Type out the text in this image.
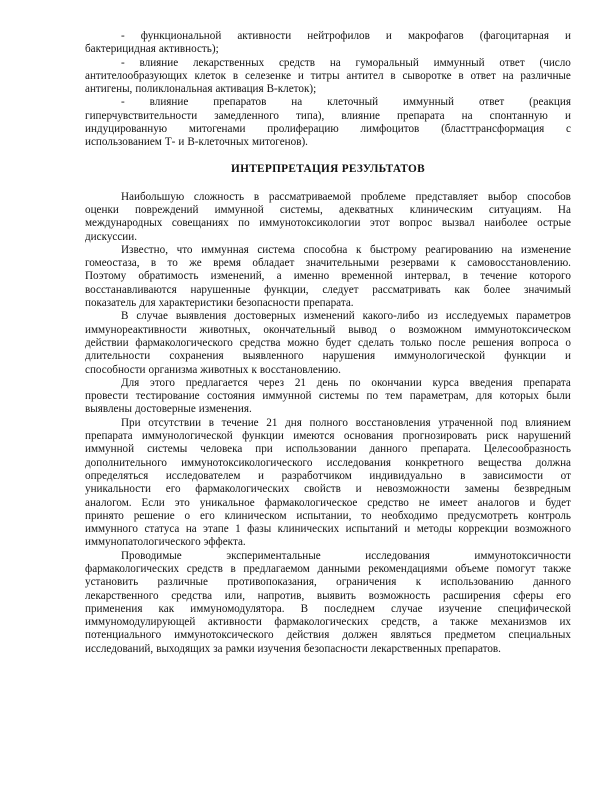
- функциональной активности нейтрофилов и макрофагов (фагоцитарная и
бактерицидная активность);
- влияние лекарственных средств на гуморальный иммунный ответ (число
антителообразующих клеток в селезенке и титры антител в сыворотке в ответ на различные
антигены, поликлональная активация В-клеток);
- влияние препаратов на клеточный иммунный ответ (реакция
гиперчувствительности замедленного типа), влияние препарата на спонтанную и
индуцированную митогенами пролиферацию лимфоцитов (бласттрансформация с
использованием Т- и В-клеточных митогенов).
ИНТЕРПРЕТАЦИЯ РЕЗУЛЬТАТОВ
Наибольшую сложность в рассматриваемой проблеме представляет выбор способов
оценки повреждений иммунной системы, адекватных клиническим ситуациям. На
международных совещаниях по иммунотоксикологии этот вопрос вызвал наиболее острые
дискуссии.
Известно, что иммунная система способна к быстрому реагированию на изменение
гомеостаза, в то же время обладает значительными резервами к самовосстановлению.
Поэтому обратимость изменений, а именно временной интервал, в течение которого
восстанавливаются нарушенные функции, следует рассматривать как более значимый
показатель для характеристики безопасности препарата.
В случае выявления достоверных изменений какого-либо из исследуемых параметров
иммунореактивности животных, окончательный вывод о возможном иммунотоксическом
действии фармакологического средства можно будет сделать только после решения вопроса о
длительности сохранения выявленного нарушения иммунологической функции и
способности организма животных к восстановлению.
Для этого предлагается через 21 день по окончании курса введения препарата
провести тестирование состояния иммунной системы по тем параметрам, для которых были
выявлены достоверные изменения.
При отсутствии в течение 21 дня полного восстановления утраченной под влиянием
препарата иммунологической функции имеются основания прогнозировать риск нарушений
иммунной системы человека при использовании данного препарата. Целесообразность
дополнительного иммунотоксикологического исследования конкретного вещества должна
определяться исследователем и разработчиком индивидуально в зависимости от
уникальности его фармакологических свойств и невозможности замены безвредным
аналогом. Если это уникальное фармакологическое средство не имеет аналогов и будет
принято решение о его клиническом испытании, то необходимо предусмотреть контроль
иммунного статуса на этапе 1 фазы клинических испытаний и методы коррекции возможного
иммунопатологического эффекта.
Проводимые	экспериментальные	исследования	иммунотоксичности
фармакологических средств в предлагаемом данными рекомендациями объеме помогут также
установить различные противопоказания, ограничения к использованию данного
лекарственного средства или, напротив, выявить возможность расширения сферы его
применения как иммуномодулятора. В последнем случае изучение специфической
иммуномодулирующей активности фармакологических средств, а также механизмов их
потенциального иммунотоксического действия должен являться предметом специальных
исследований, выходящих за рамки изучения безопасности лекарственных препаратов.
